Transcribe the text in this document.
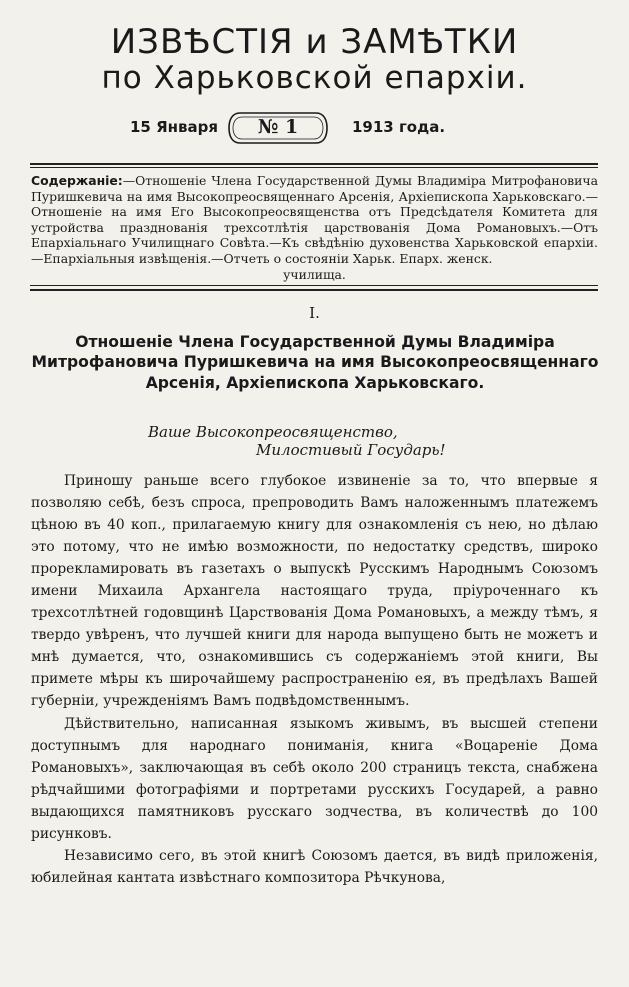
ИЗВѢСТІЯ и ЗАМѢТКИ
по Харьковской епархіи.
15 Января	№ 1	1913 года.
Содержаніе:—Отношеніе Члена Государственной Думы Владиміра Митрофановича Пуришкевича на имя Высокопреосвященнаго Арсенія, Архіепископа Харьковскаго.—Отношеніе на имя Его Высокопреосвященства отъ Предсѣдателя Комитета для устройства празднованія трехсотлѣтія царствованія Дома Романовыхъ.—Отъ Епархіальнаго Училищнаго Совѣта.—Къ свѣдѣнію духовенства Харьковской епархіи. —Епархіальныя извѣщенія.—Отчеть о состояніи Харьк. Епарх. женск.
училища.
I.
Отношеніе Члена Государственной Думы Владиміра Митрофановича Пуришкевича на имя Высокопреосвященнаго Арсенія, Архіепископа Харьковскаго.
Ваше Высокопреосвященство,
Милостивый Государь!

Приношу раньше всего глубокое извиненіе за то, что впервые я позволяю себѣ, безъ спроса, препроводить Вамъ наложеннымъ платежемъ цѣною въ 40 коп., прилагаемую книгу для ознакомленія съ нею, но дѣлаю это потому, что не имѣю возможности, по недостатку средствъ, широко прорекламировать въ газетахъ о выпускѣ Русскимъ Народнымъ Союзомъ имени Михаила Архангела настоящаго труда, пріуроченнаго къ трехсотлѣтней годовщинѣ Царствованія Дома Романовыхъ, а между тѣмъ, я твердо увѣренъ, что лучшей книги для народа выпущено быть не можетъ и мнѣ думается, что, ознакомившись съ содержаніемъ этой книги, Вы примете мѣры къ широчайшему распространенію ея, въ предѣлахъ Вашей губерніи, учрежденіямъ Вамъ подвѣдомственнымъ.

Дѣйствительно, написанная языкомъ живымъ, въ высшей степени доступнымъ для народнаго пониманія, книга «Воцареніе Дома Романовыхъ», заключающая въ себѣ около 200 страницъ текста, снабжена рѣдчайшими фотографіями и портретами русскихъ Государей, а равно выдающихся памятниковъ русскаго зодчества, въ количествѣ до 100 рисунковъ.

Независимо сего, въ этой книгѣ Союзомъ дается, въ видѣ приложенія, юбилейная кантата извѣстнаго композитора Рѣчкунова,
